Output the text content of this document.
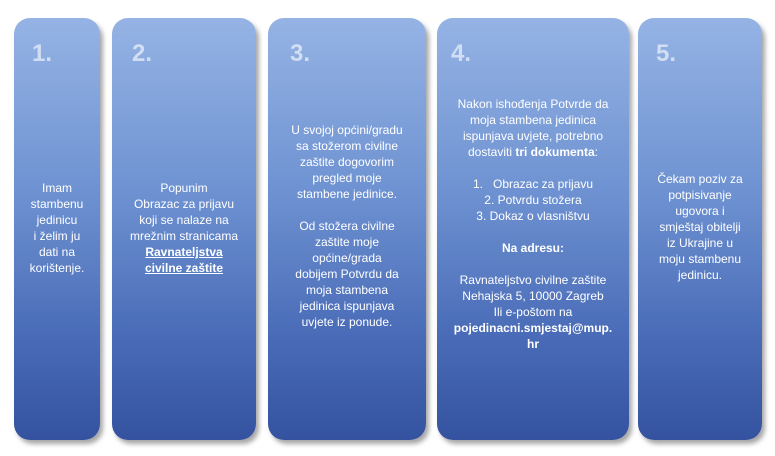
1.

Imam

stambenu

jedinicu

i želim ju

dati na

korištenje.

2.

Popunim

Obrazac za prijavu

koji se nalaze na

mrežnim stranicama

Ravnateljstva

civilne zaštite

3.

U svojoj općini/gradu

sa stožerom civilne

zaštite dogovorim

pregled moje

stambene jedinice.

Od stožera civilne

zaštite moje

općine/grada

dobijem Potvrdu da

moja stambena

jedinica ispunjava

uvjete iz ponude.

4.

Nakon ishođenja Potvrde da

moja stambena jedinica

ispunjava uvjete, potrebno

dostaviti tri dokumenta:

1.   Obrazac za prijavu
2. Potvrdu stožera
3. Dokaz o vlasništvu

Na adresu:

Ravnateljstvo civilne zaštite

Nehajska 5, 10000 Zagreb

Ili e-poštom na

pojedinacni.smjestaj@mup.

hr

5.

Čekam poziv za

potpisivanje

ugovora i

smještaj obitelji

iz Ukrajine u

moju stambenu

jedinicu.
